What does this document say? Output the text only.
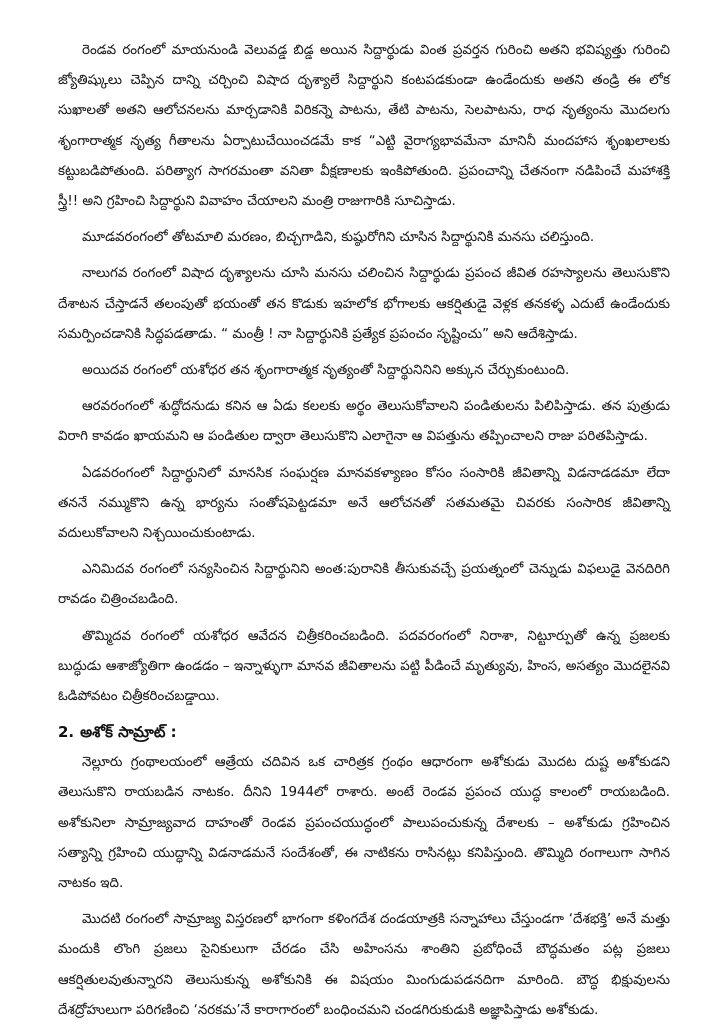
రెండవ రంగంలో మాయనుండి వెలువడ్డ బిడ్డ అయిన సిద్దార్థుడు వింత ప్రవర్తన గురించి అతని భవిష్యత్తు గురించి జ్యోతిష్కులు చెప్పిన దాన్ని చర్చించి విషాద దృశ్యాలే సిద్దార్థుని కంటపడకుండా ఉండేందుకు అతని తండ్రి ఈ లోక సుఖాలతో అతని ఆలోచనలను మార్చడానికి విరికన్నె పాటను, తేటి పాటను, సెలపాటను, రాధ నృత్యంను మొదలగు శృంగారాత్మక నృత్య గీతాలను ఏర్పాటుచేయించడమే కాక “ఎట్టి వైరాగ్యభావమేనా మానినీ మందహాస శృంఖలాలకు కట్టుబడిపోతుంది. పరిత్యాగ సాగరమంతా వనితా వీక్షణాలకు ఇంకిపోతుంది. ప్రపంచాన్ని చేతనంగా నడిపించే మహాశక్తి స్త్రీ!! అని గ్రహించి సిద్దార్థుని వివాహం చేయాలని మంత్రి రాజుగారికి సూచిస్తాడు.

మూడవరంగంలో తోటమాలి మరణం, బిచ్చగాడిని, కుష్ఠురోగిని చూసిన సిద్దార్థునికి మనసు చలిస్తుంది.

నాలుగవ రంగంలో విషాద దృశ్యాలను చూసి మనసు చలించిన సిద్దార్థుడు ప్రపంచ జీవిత రహస్యాలను తెలుసుకొని దేశాటన చేస్తాడనే తలంపుతో భయంతో తన కొడుకు ఇహలోక భోగాలకు ఆకర్షితుడై వెళ్లక తనకళ్ళ ఎదుటే ఉండేందుకు సమర్పించడానికి సిద్ధపడతాడు. “ మంత్రీ ! నా సిద్దార్థునికి ప్రత్యేక ప్రపంచం సృష్టించు” అని ఆదేశిస్తాడు.

అయిదవ రంగంలో యశోధర తన శృంగారాత్మక నృత్యంతో సిద్దార్థునినిని అక్కున చేర్చుకుంటుంది.

ఆరవరంగంలో శుద్ధోదనుడు కనిన ఆ ఏడు కలలకు అర్థం తెలుసుకోవాలని పండితులను పిలిపిస్తాడు. తన పుత్రుడు విరాగి కావడం ఖాయమని ఆ పండితుల ద్వారా తెలుసుకొని ఎలాగైనా ఆ విపత్తును తప్పించాలని రాజు పరితపిస్తాడు.

ఏడవరంగంలో సిద్దార్థునిలో మానసిక సంఘర్షణ మానవకళ్యాణం కోసం సంసారికి జీవితాన్ని విడనాడడమా లేదా తననే నమ్ముకొని ఉన్న భార్యను సంతోషపెట్టడమా అనే ఆలోచనతో సతమతమై చివరకు సంసారిక జీవితాన్ని వదులుకోవాలని నిశ్చయించుకుంటాడు.

ఎనిమిదవ రంగంలో సన్యసించిన సిద్దార్థునిని అంత:పురానికి తీసుకువచ్చే ప్రయత్నంలో చెన్నుడు విఫలుడై వెనదిరిగి రావడం చిత్రించబడింది.

తొమ్మిదవ రంగంలో యశోధర ఆవేదన చిత్రీకరించబడింది. పదవరంగంలో నిరాశా, నిట్టూర్పుతో ఉన్న ప్రజలకు బుద్ధుడు ఆశాజ్యోతిగా ఉండడం – ఇన్నాళ్ళుగా మానవ జీవితాలను పట్టి పీడించే మృత్యువు, హింస, అసత్యం మొదలైనవి ఓడిపోవటం చిత్రీకరించబడ్డాయి.

2. అశోక్ సామ్రాట్ :

నెల్లూరు గ్రంథాలయంలో ఆత్రేయ చదివిన ఒక చారిత్రక గ్రంథం ఆధారంగా అశోకుడు మొదట దుష్ట అశోకుడని తెలుసుకొని రాయబడిన నాటకం. దీనిని 1944లో రాశారు. అంటే రెండవ ప్రపంచ యుద్ధ కాలంలో రాయబడింది. అశోకునిలా సామ్రాజ్యవాద దాహంతో రెండవ ప్రపంచయుద్ధంలో పాలుపంచుకున్న దేశాలకు – అశోకుడు గ్రహించిన సత్యాన్ని గ్రహించి యుద్ధాన్ని విడనాడమనే సందేశంతో, ఈ నాటికను రాసినట్లు కనిపిస్తుంది. తొమ్మిది రంగాలుగా సాగిన నాటకం ఇది.

మొదటి రంగంలో సామ్రాజ్య విస్తరణలో భాగంగా కళింగదేశ దండయాత్రకి సన్నాహాలు చేస్తుండగా ‘దేశభక్తి’ అనే మత్తు మందుకి లొంగి ప్రజలు సైనికులుగా చేరడం చేసి అహింసను శాంతిని ప్రబోధించే బౌద్ధమతం పట్ల ప్రజలు ఆకర్షితులవుతున్నారని తెలుసుకున్న అశోకునికి ఈ విషయం మింగుడుపడనదిగా మారింది. బౌద్ధ భిక్షువులను దేశద్రోహులుగా పరిగణించి ‘నరకమ’నే కారాగారంలో బంధించమని చండగిరుకుడుకి అజ్ఞాపిస్తాడు అశోకుడు.
